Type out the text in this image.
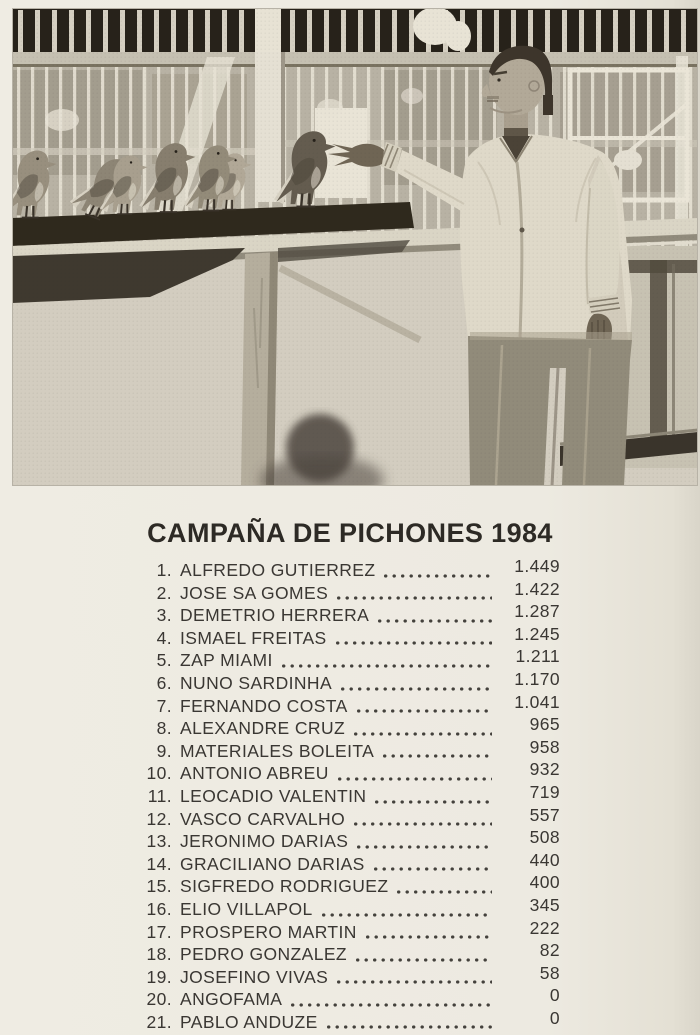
CAMPAÑA DE PICHONES 1984
1. ALFREDO GUTIERREZ	1.449
2. JOSE SA GOMES	1.422
3. DEMETRIO HERRERA	1.287
4. ISMAEL FREITAS	1.245
5. ZAP MIAMI	1.211
6. NUNO SARDINHA	1.170
7. FERNANDO COSTA	1.041
8. ALEXANDRE CRUZ	965
9. MATERIALES BOLEITA	958
10. ANTONIO ABREU	932
11. LEOCADIO VALENTIN	719
12. VASCO CARVALHO	557
13. JERONIMO DARIAS	508
14. GRACILIANO DARIAS	440
15. SIGFREDO RODRIGUEZ	400
16. ELIO VILLAPOL	345
17. PROSPERO MARTIN	222
18. PEDRO GONZALEZ	82
19. JOSEFINO VIVAS	58
20. ANGOFAMA	0
21. PABLO ANDUZE	0
